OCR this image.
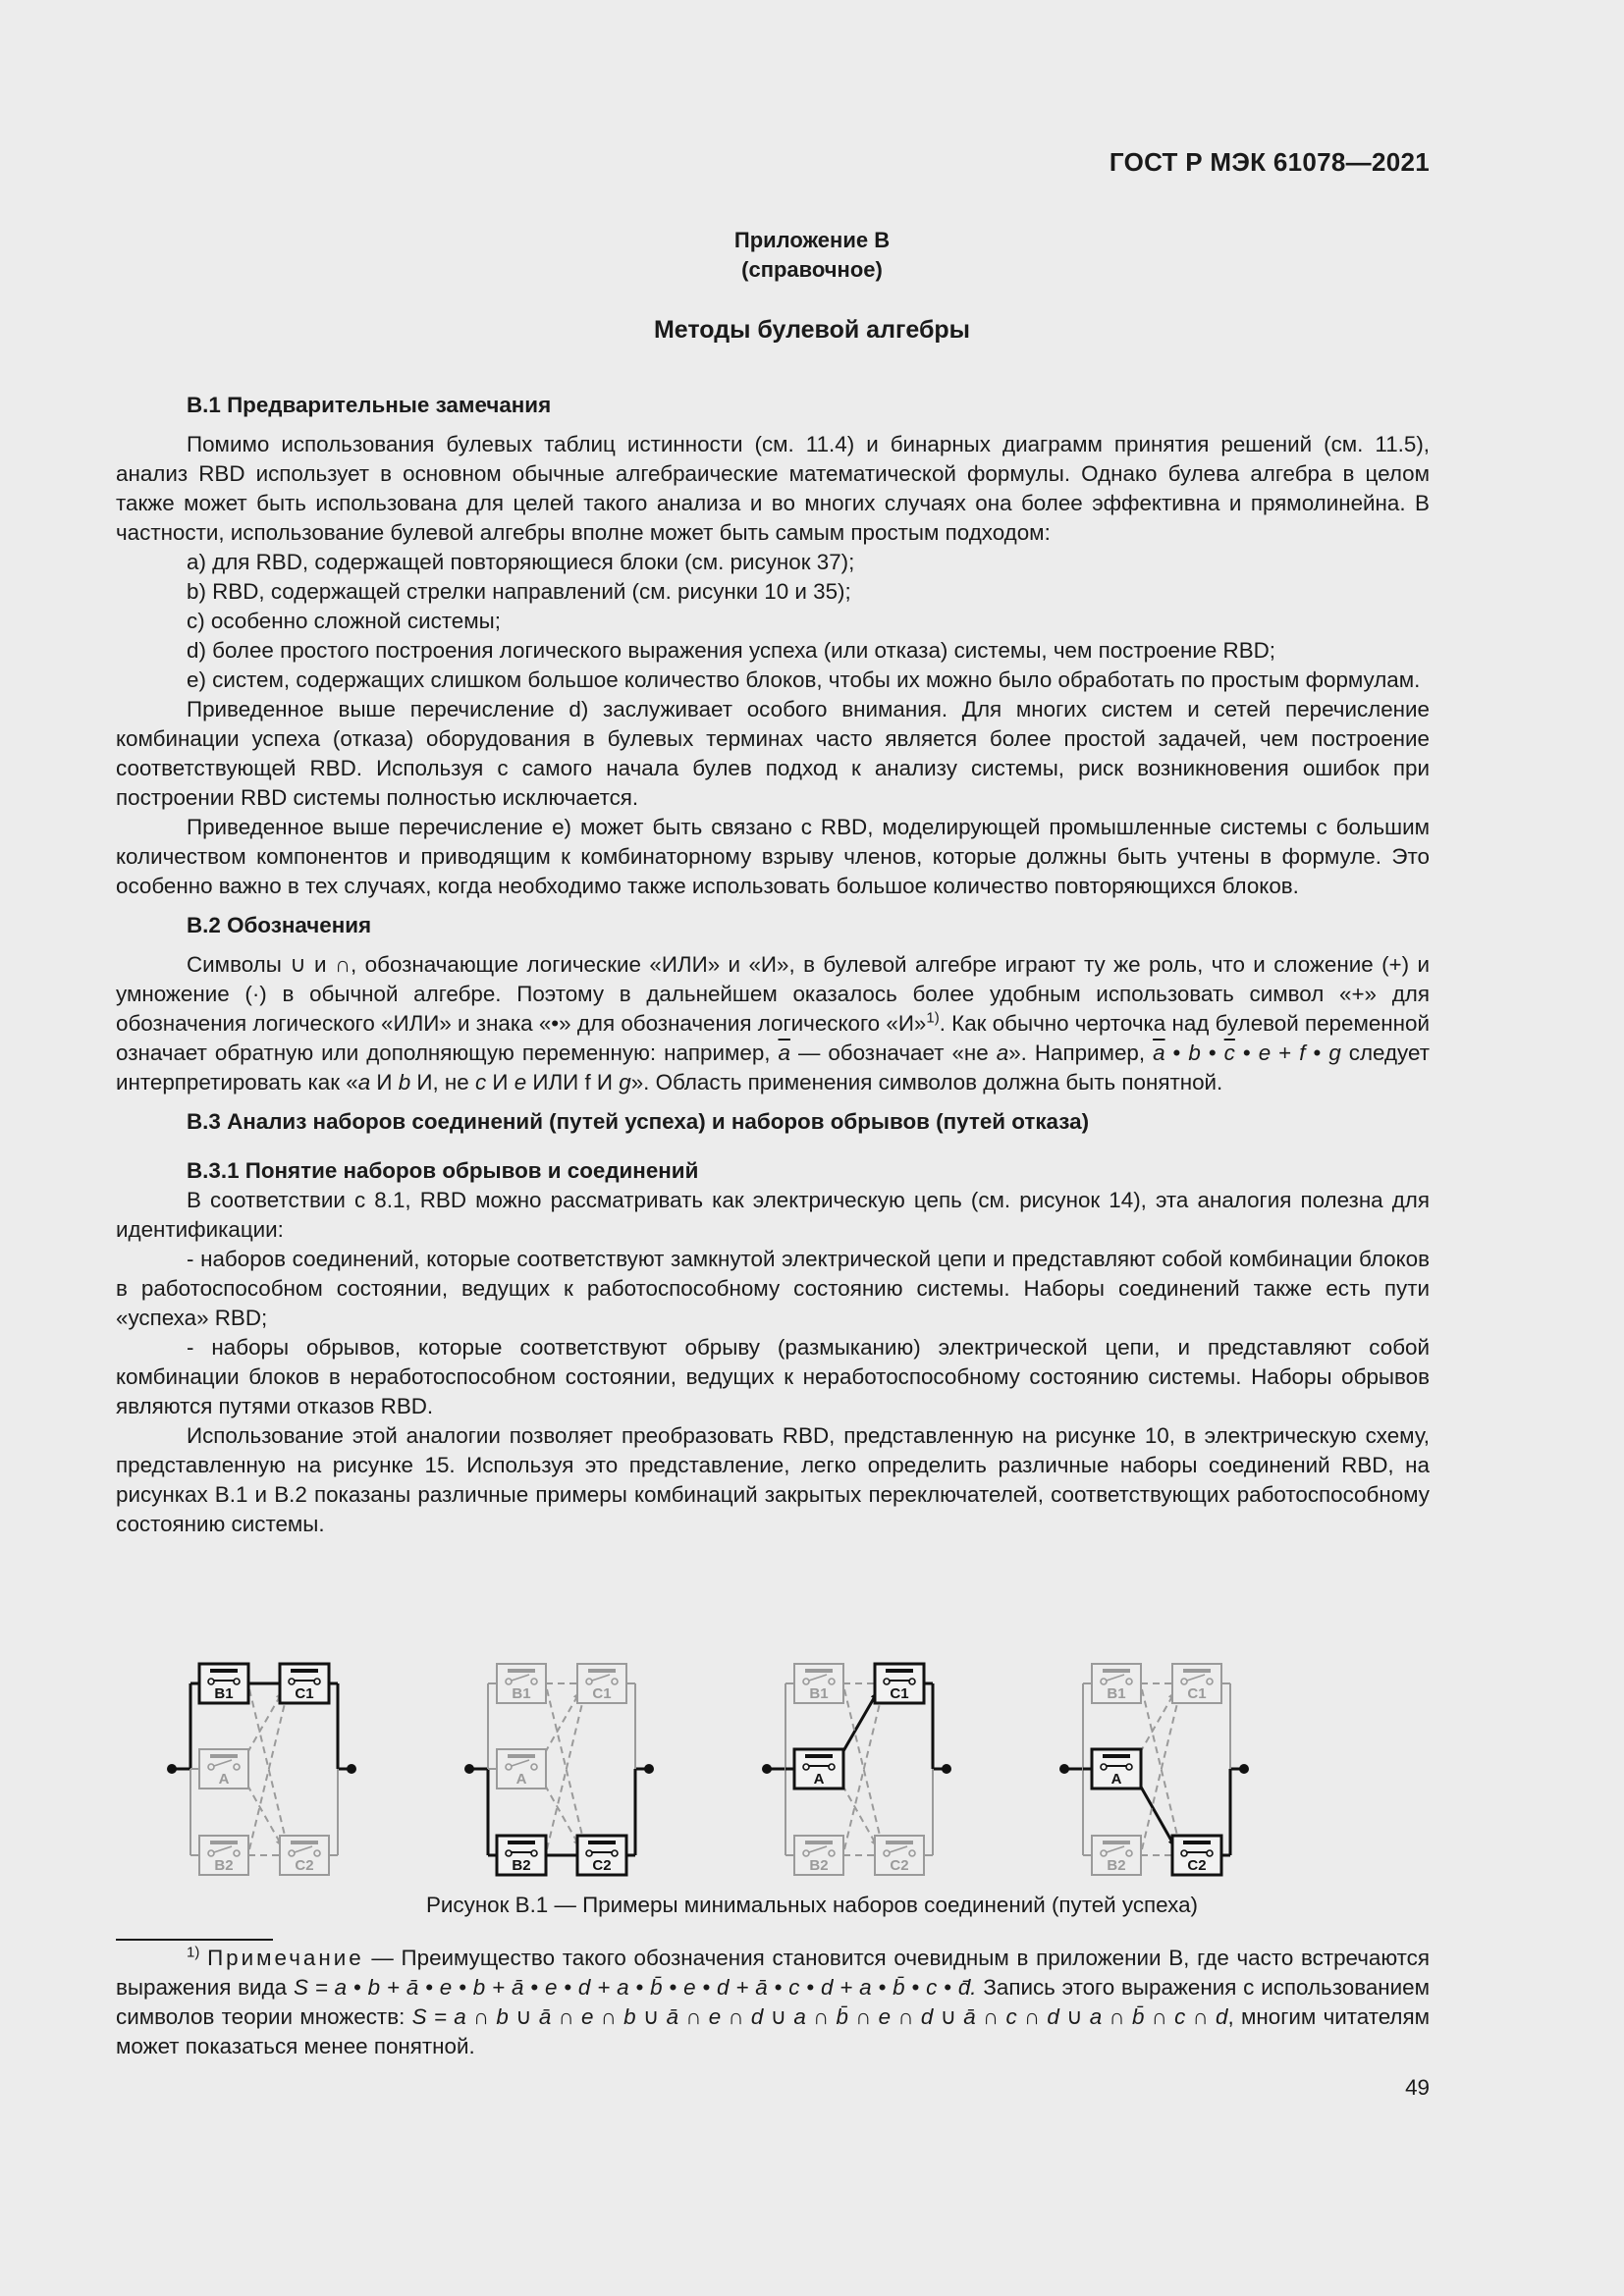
ГОСТ Р МЭК 61078—2021
Приложение В
(справочное)
Методы булевой алгебры
В.1 Предварительные замечания

Помимо использования булевых таблиц истинности (см. 11.4) и бинарных диаграмм принятия решений (см. 11.5), анализ RBD использует в основном обычные алгебраические математической формулы. Однако булева алгебра в целом также может быть использована для целей такого анализа и во многих случаях она более эффективна и прямолинейна. В частности, использование булевой алгебры вполне может быть самым простым подходом:

a) для RBD, содержащей повторяющиеся блоки (см. рисунок 37);

b) RBD, содержащей стрелки направлений (см. рисунки 10 и 35);

c) особенно сложной системы;

d) более простого построения логического выражения успеха (или отказа) системы, чем построение RBD;

e) систем, содержащих слишком большое количество блоков, чтобы их можно было обработать по простым формулам.

Приведенное выше перечисление d) заслуживает особого внимания. Для многих систем и сетей перечисление комбинации успеха (отказа) оборудования в булевых терминах часто является более простой задачей, чем построение соответствующей RBD. Используя с самого начала булев подход к анализу системы, риск возникновения ошибок при построении RBD системы полностью исключается.

Приведенное выше перечисление e) может быть связано с RBD, моделирующей промышленные системы с большим количеством компонентов и приводящим к комбинаторному взрыву членов, которые должны быть учтены в формуле. Это особенно важно в тех случаях, когда необходимо также использовать большое количество повторяющихся блоков.

В.2 Обозначения

Символы ∪ и ∩, обозначающие логические «ИЛИ» и «И», в булевой алгебре играют ту же роль, что и сложение (+) и умножение (·) в обычной алгебре. Поэтому в дальнейшем оказалось более удобным использовать символ «+» для обозначения логического «ИЛИ» и знака «•» для обозначения логического «И»$^{1)}$. Как обычно черточка над булевой переменной означает обратную или дополняющую переменную: например, $\overline{a}$ — обозначает «не a». Например, $\overline{a}$ • b • $\overline{c}$ • e + f • g следует интерпретировать как «a И b И, не c И e ИЛИ f И g». Область применения символов должна быть понятной.

В.3 Анализ наборов соединений (путей успеха) и наборов обрывов (путей отказа)
В.3.1 Понятие наборов обрывов и соединений

В соответствии с 8.1, RBD можно рассматривать как электрическую цепь (см. рисунок 14), эта аналогия полезна для идентификации:

- наборов соединений, которые соответствуют замкнутой электрической цепи и представляют собой комбинации блоков в работоспособном состоянии, ведущих к работоспособному состоянию системы. Наборы соединений также есть пути «успеха» RBD;

- наборы обрывов, которые соответствуют обрыву (размыканию) электрической цепи, и представляют собой комбинации блоков в неработоспособном состоянии, ведущих к неработоспособному состоянию системы. Наборы обрывов являются путями отказов RBD.

Использование этой аналогии позволяет преобразовать RBD, представленную на рисунке 10, в электрическую схему, представленную на рисунке 15. Используя это представление, легко определить различные наборы соединений RBD, на рисунках В.1 и В.2 показаны различные примеры комбинаций закрытых переключателей, соответствующих работоспособному состоянию системы.

B1	C1
A
B2	C2
B1	C1
A
B2	C2
B1	C1
A
B2	C2
B1	C1
A
B2	C2
Рисунок В.1 — Примеры минимальных наборов соединений (путей успеха)

$^{1)}$ Примечание — Преимущество такого обозначения становится очевидным в приложении В, где часто встречаются выражения вида S = a • b + ā • e • b + ā • e • d + a • b̄ • e • d + ā • c • d + a • b̄ • c • d̄. Запись этого выражения с использованием символов теории множеств: S = a ∩ b ∪ ā ∩ e ∩ b ∪ ā ∩ e ∩ d ∪ a ∩ b̄ ∩ e ∩ d ∪ ā ∩ c ∩ d ∪ a ∩ b̄ ∩ c ∩ d, многим читателям может показаться менее понятной.

49
